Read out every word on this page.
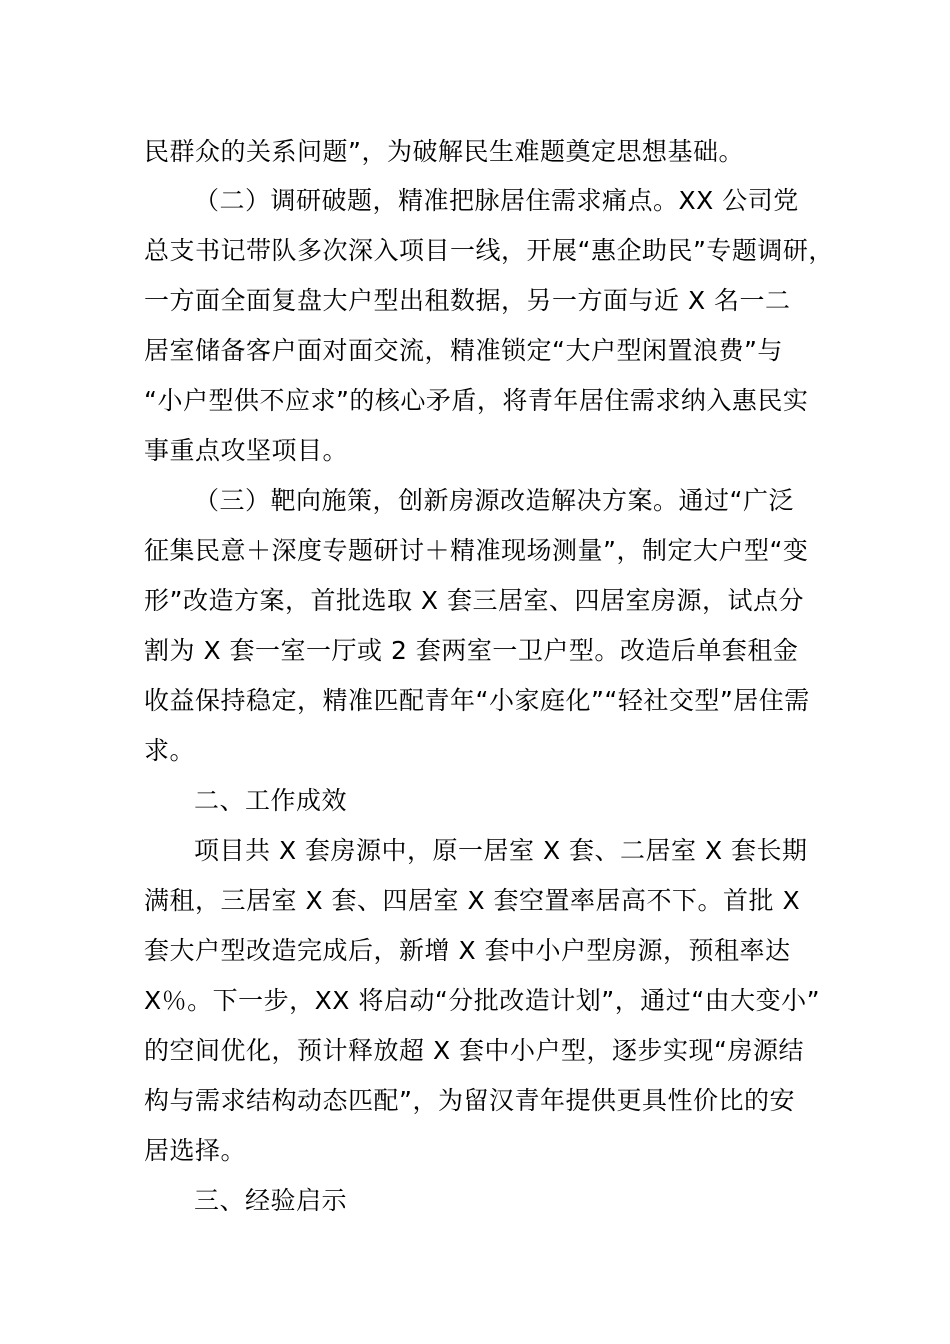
民群众的关系问题”，为破解民生难题奠定思想基础。
（二）调研破题，精准把脉居住需求痛点。XX 公司党
总支书记带队多次深入项目一线，开展“惠企助民”专题调研，
一方面全面复盘大户型出租数据，另一方面与近 X 名一二
居室储备客户面对面交流，精准锁定“大户型闲置浪费”与
“小户型供不应求”的核心矛盾，将青年居住需求纳入惠民实
事重点攻坚项目。
（三）靶向施策，创新房源改造解决方案。通过“广泛
征集民意＋深度专题研讨＋精准现场测量”，制定大户型“变
形”改造方案，首批选取 X 套三居室、四居室房源，试点分
割为 X 套一室一厅或 2 套两室一卫户型。改造后单套租金
收益保持稳定，精准匹配青年“小家庭化”“轻社交型”居住需
求。
二、工作成效
项目共 X 套房源中，原一居室 X 套、二居室 X 套长期
满租，三居室 X 套、四居室 X 套空置率居高不下。首批 X
套大户型改造完成后，新增 X 套中小户型房源，预租率达
X％。下一步，XX 将启动“分批改造计划”，通过“由大变小”
的空间优化，预计释放超 X 套中小户型，逐步实现“房源结
构与需求结构动态匹配”，为留汉青年提供更具性价比的安
居选择。
三、经验启示
